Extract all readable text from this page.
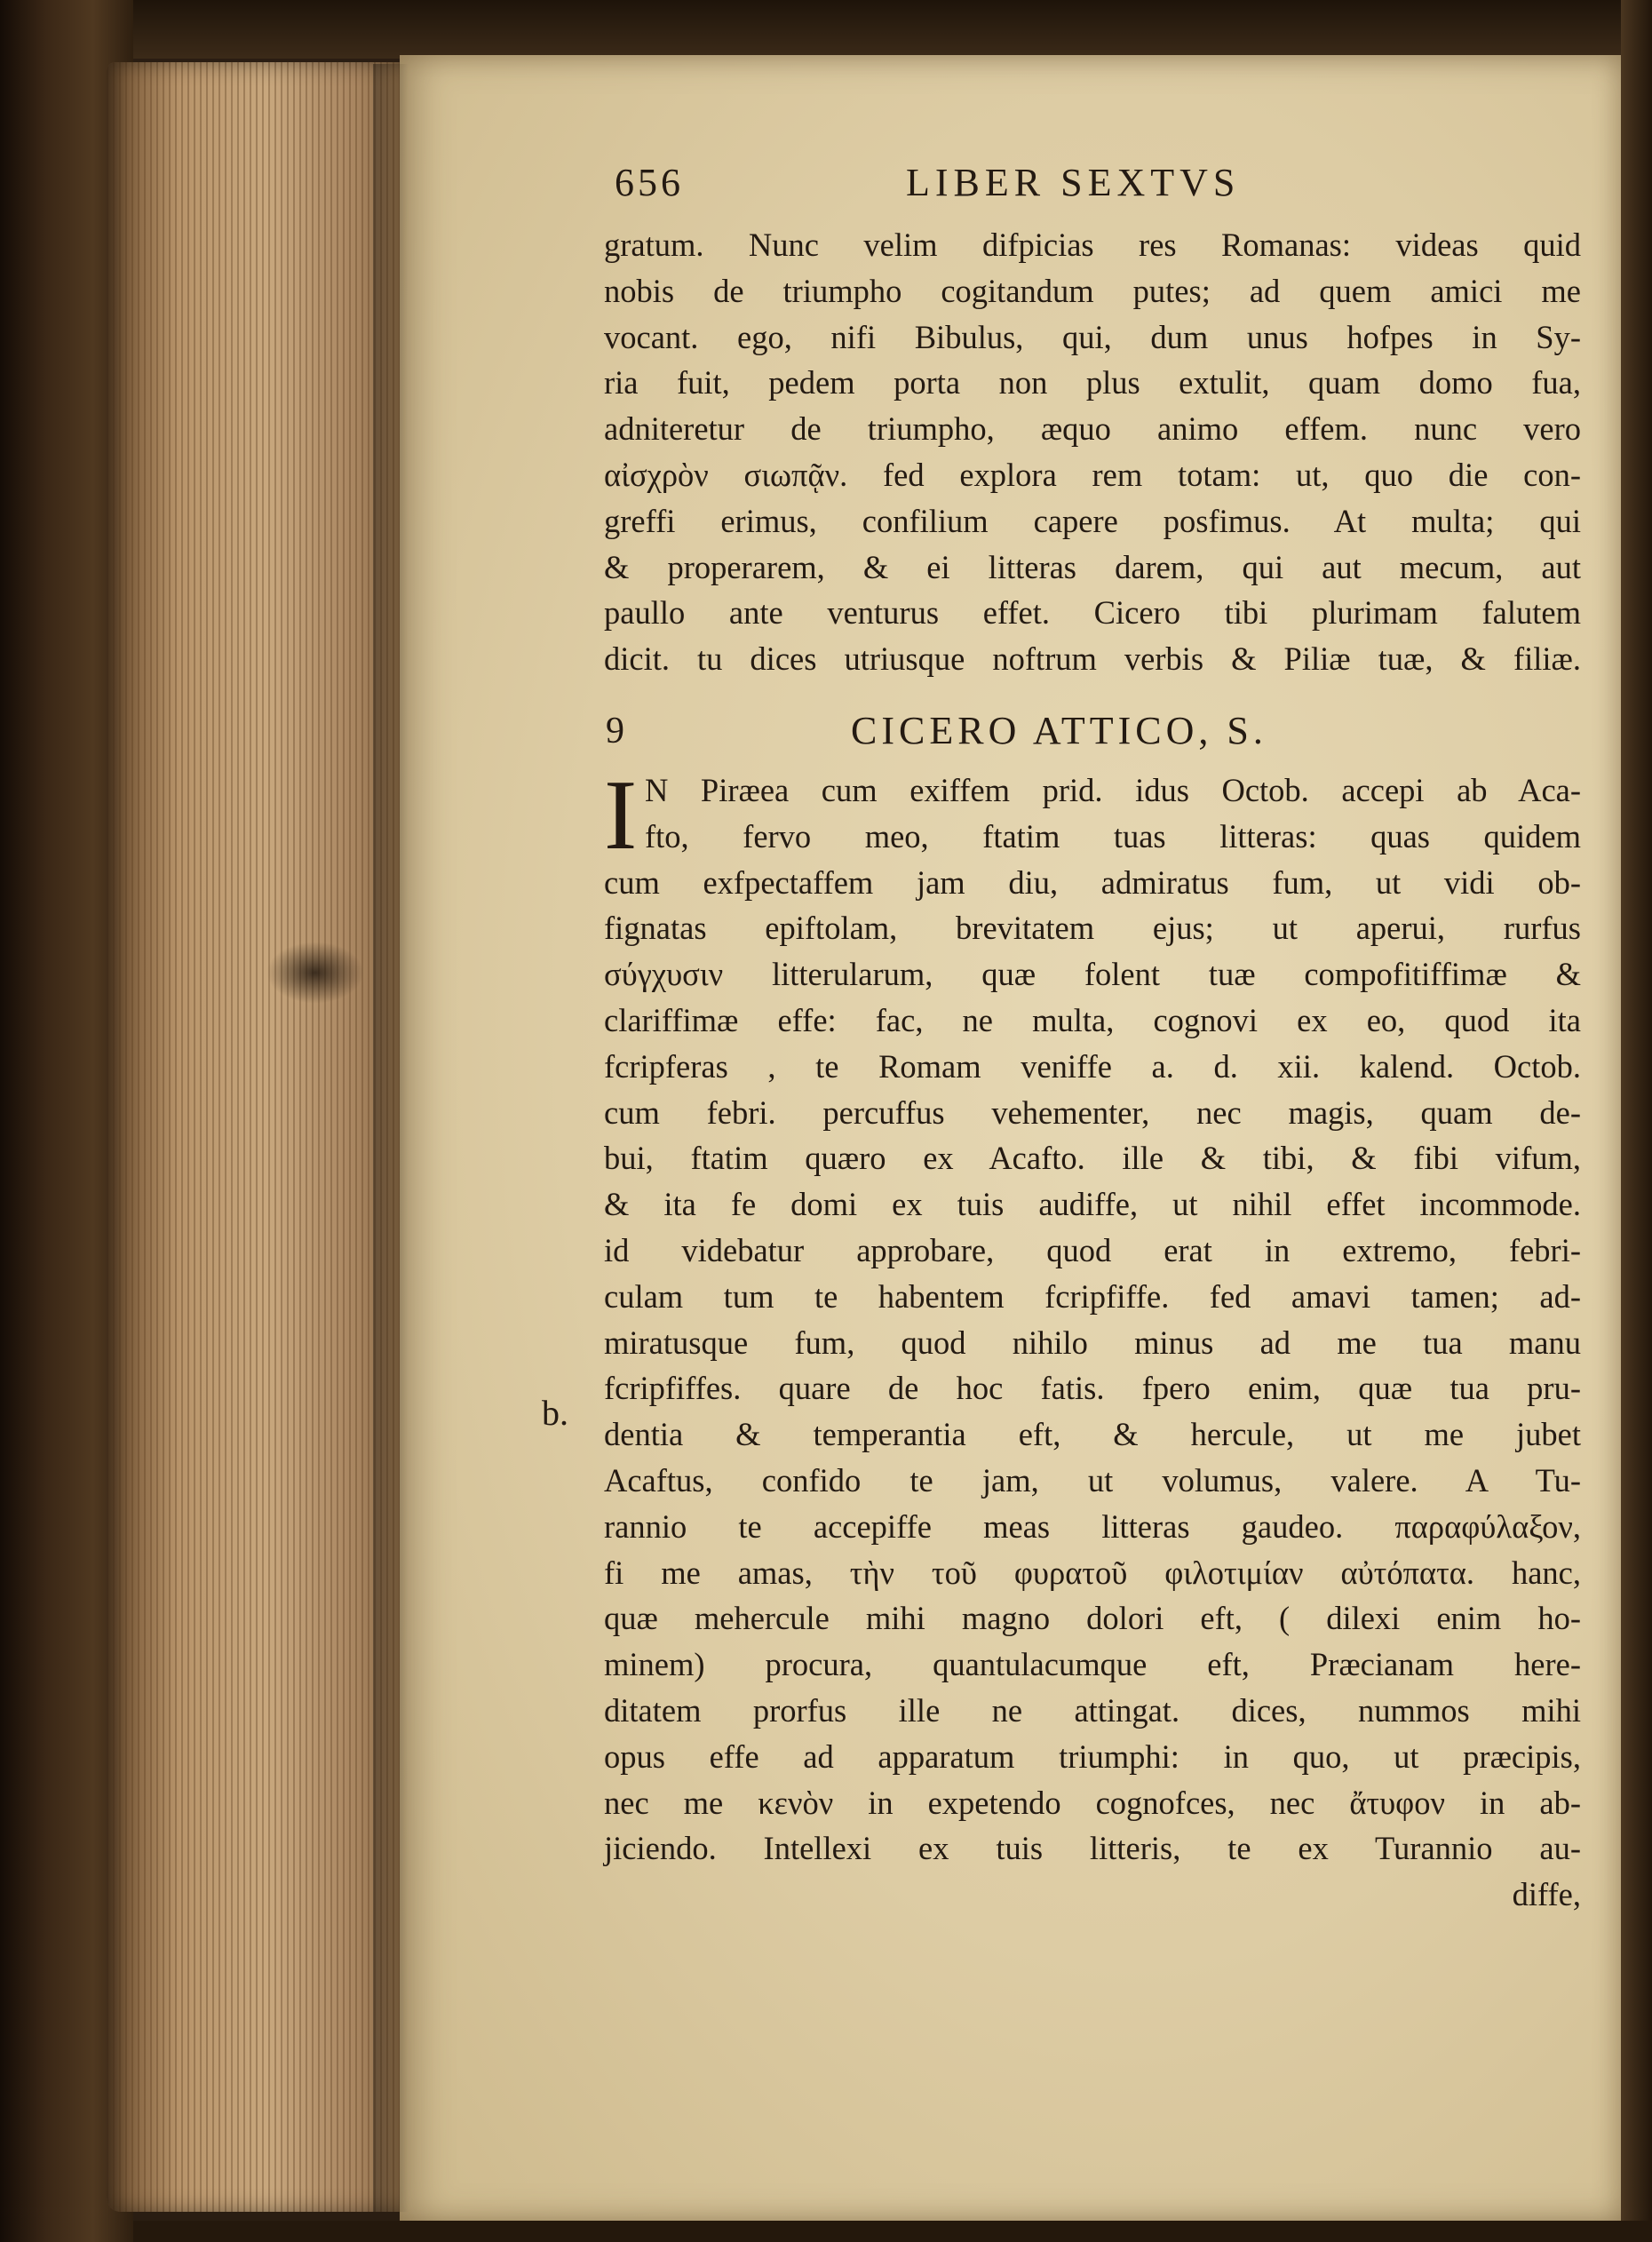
656	LIBER SEXTVS
gratum. Nunc velim difpicias res Romanas: videas quid
nobis de triumpho cogitandum putes; ad quem amici me
vocant. ego, nifi Bibulus, qui, dum unus hofpes in Sy-
ria fuit, pedem porta non plus extulit, quam domo fua,
adniteretur de triumpho, æquo animo effem. nunc vero
αἰσχρὸν σιωπᾷν. fed explora rem totam: ut, quo die con-
greffi erimus, confilium capere posfimus. At multa; qui
& properarem, & ei litteras darem, qui aut mecum, aut
paullo ante venturus effet. Cicero tibi plurimam falutem
dicit. tu dices utriusque noftrum verbis & Piliæ tuæ, & filiæ.
9	CICERO ATTICO, S.
I N Piræea cum exiffem prid. idus Octob. accepi ab Aca-
fto, fervo meo, ftatim tuas litteras: quas quidem
cum exfpectaffem jam diu, admiratus fum, ut vidi ob-
fignatas epiftolam, brevitatem ejus; ut aperui, rurfus
σύγχυσιν litterularum, quæ folent tuæ compofitiffimæ &
clariffimæ effe: fac, ne multa, cognovi ex eo, quod ita
fcripferas , te Romam veniffe a. d. xii. kalend. Octob.
cum febri. percuffus vehementer, nec magis, quam de-
bui, ftatim quæro ex Acafto. ille & tibi, & fibi vifum,
& ita fe domi ex tuis audiffe, ut nihil effet incommode.
id videbatur approbare, quod erat in extremo, febri-
culam tum te habentem fcripfiffe. fed amavi tamen; ad-
miratusque fum, quod nihilo minus ad me tua manu
fcripfiffes. quare de hoc fatis. fpero enim, quæ tua pru-
dentia & temperantia eft, & hercule, ut me jubet
Acaftus, confido te jam, ut volumus, valere. A Tu-
rannio te accepiffe meas litteras gaudeo. παραφύλαξον,
fi me amas, τὴν τοῦ φυρατοῦ φιλοτιμίαν αὐτόπατα. hanc,
quæ mehercule mihi magno dolori eft, ( dilexi enim ho-
minem) procura, quantulacumque eft, Præcianam here-
ditatem prorfus ille ne attingat. dices, nummos mihi
opus effe ad apparatum triumphi: in quo, ut præcipis,
nec me κενὸν in expetendo cognofces, nec ἄτυφον in ab-
jiciendo. Intellexi ex tuis litteris, te ex Turannio au-
diffe,
b.
